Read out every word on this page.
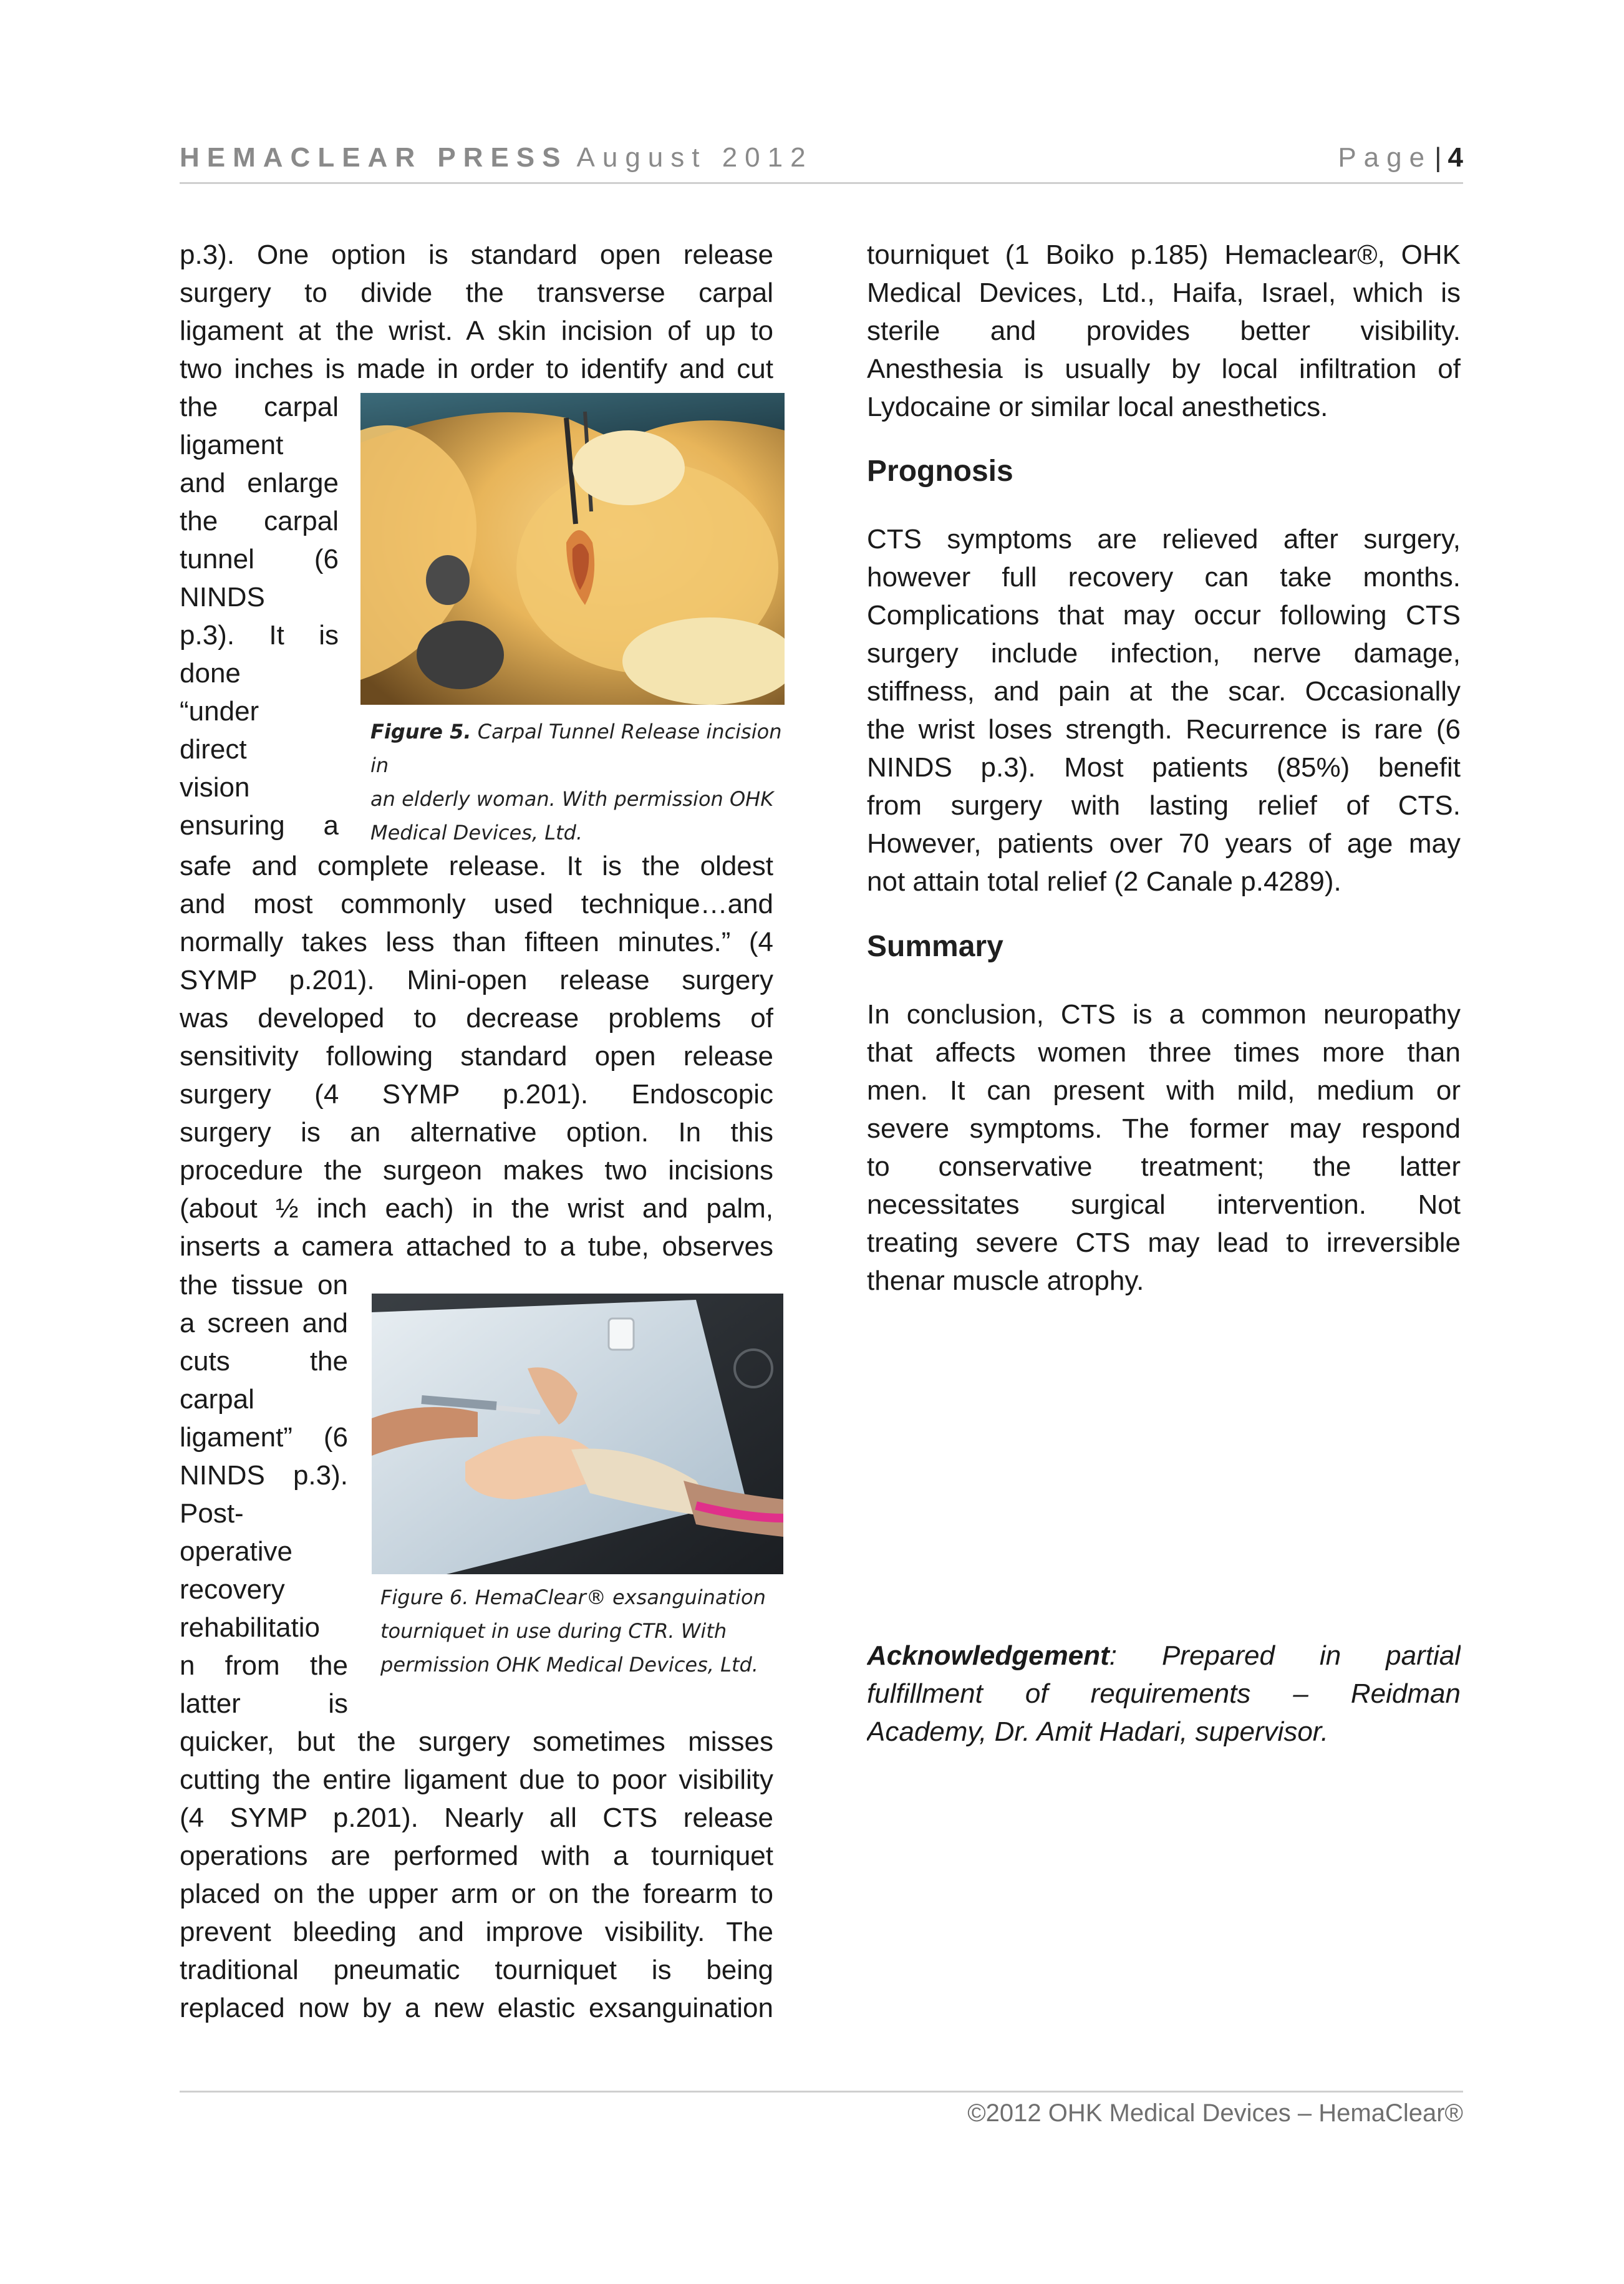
HEMACLEAR PRESS August 2012	Page| 4
p.3). One option is standard open release
surgery to divide the transverse carpal
ligament at the wrist. A skin incision of up to
two inches is made in order to identify and cut
the carpal
ligament
and enlarge
the carpal
tunnel (6
NINDS
p.3). It is
done
“under
direct
vision
ensuring a
safe and complete release. It is the oldest
and most commonly used technique…and
normally takes less than fifteen minutes.” (4
SYMP p.201). Mini-open release surgery
was developed to decrease problems of
sensitivity following standard open release
surgery (4 SYMP p.201). Endoscopic
surgery is an alternative option. In this
procedure the surgeon makes two incisions
(about ½ inch each) in the wrist and palm,
inserts a camera attached to a tube, observes
the tissue on
a screen and
cuts the
carpal
ligament” (6
NINDS p.3).
Post-
operative
recovery
rehabilitatio
n from the
latter is
quicker, but the surgery sometimes misses
cutting the entire ligament due to poor visibility
(4 SYMP p.201). Nearly all CTS release
operations are performed with a tourniquet
placed on the upper arm or on the forearm to
prevent bleeding and improve visibility. The
traditional pneumatic tourniquet is being
replaced now by a new elastic exsanguination
Figure 5. Carpal Tunnel Release incision in
an elderly woman. With permission OHK
Medical Devices, Ltd.
Figure 6. HemaClear® exsanguination
tourniquet in use during CTR. With
permission OHK Medical Devices, Ltd.
tourniquet (1 Boiko p.185) Hemaclear®, OHK
Medical Devices, Ltd., Haifa, Israel, which is
sterile and provides better visibility.
Anesthesia is usually by local infiltration of
Lydocaine or similar local anesthetics.
Prognosis
CTS symptoms are relieved after surgery,
however full recovery can take months.
Complications that may occur following CTS
surgery include infection, nerve damage,
stiffness, and pain at the scar. Occasionally
the wrist loses strength. Recurrence is rare (6
NINDS p.3). Most patients (85%) benefit
from surgery with lasting relief of CTS.
However, patients over 70 years of age may
not attain total relief (2 Canale p.4289).
Summary
In conclusion, CTS is a common neuropathy
that affects women three times more than
men. It can present with mild, medium or
severe symptoms. The former may respond
to conservative treatment; the latter
necessitates surgical intervention. Not
treating severe CTS may lead to irreversible
thenar muscle atrophy.
Acknowledgement: Prepared in partial
fulfillment of requirements – Reidman
Academy, Dr. Amit Hadari, supervisor.
©2012 OHK Medical Devices – HemaClear®
